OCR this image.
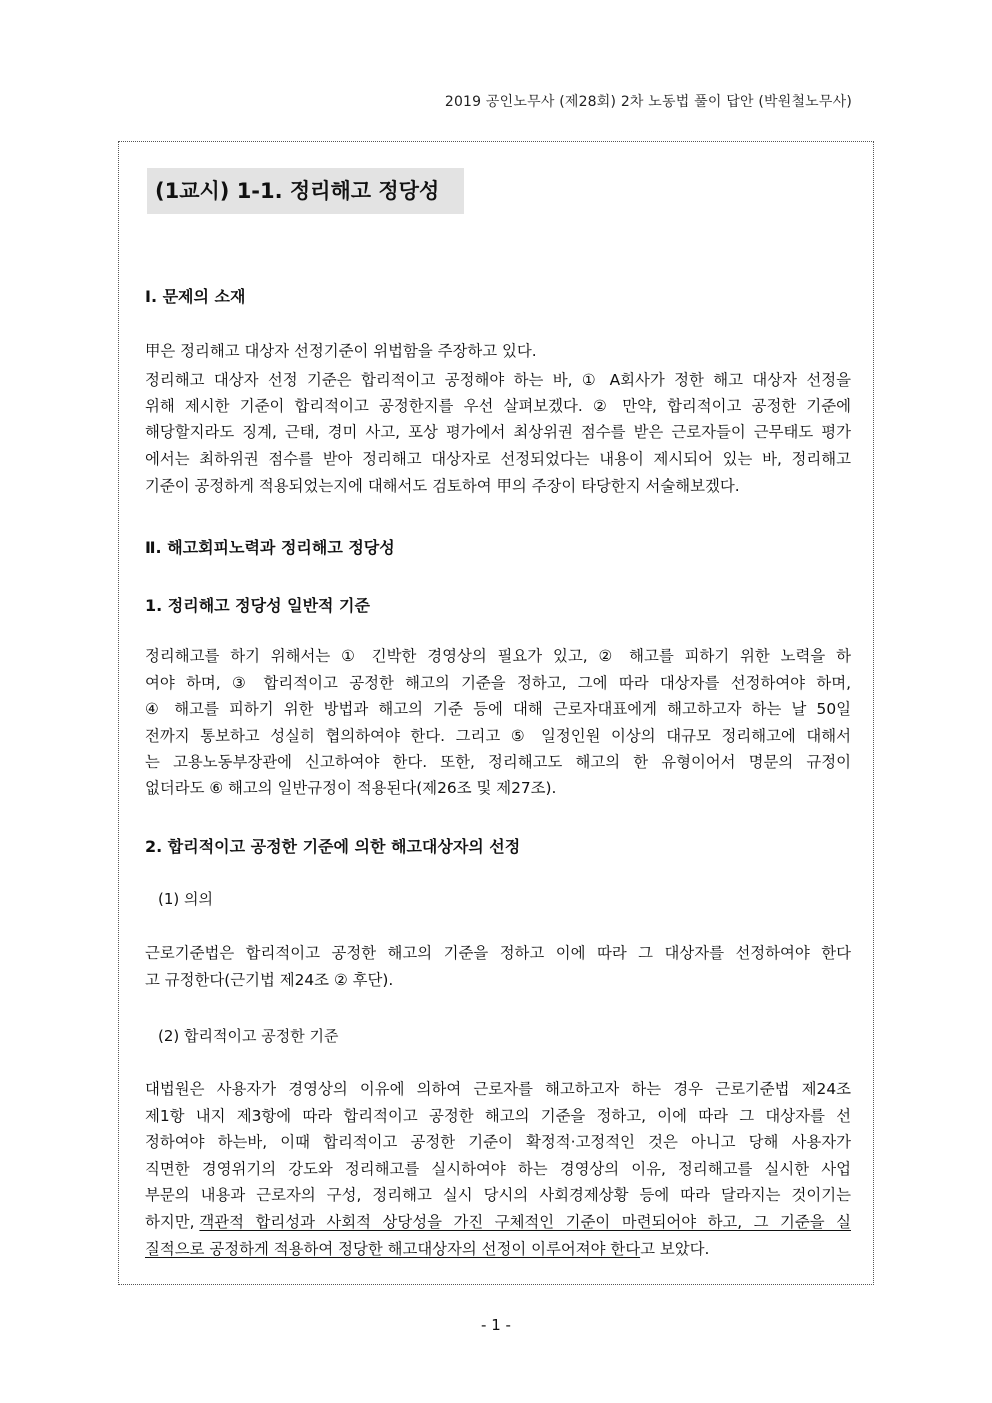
2019 공인노무사 (제28회) 2차 노동법 풀이 답안 (박원철노무사)
(1교시) 1-1. 정리해고 정당성
Ⅰ. 문제의 소재
甲은 정리해고 대상자 선정기준이 위법함을 주장하고 있다.
정리해고 대상자 선정 기준은 합리적이고 공정해야 하는 바, ① A회사가 정한 해고 대상자 선정을
위해 제시한 기준이 합리적이고 공정한지를 우선 살펴보겠다. ② 만약, 합리적이고 공정한 기준에
해당할지라도 징계, 근태, 경미 사고, 포상 평가에서 최상위권 점수를 받은 근로자들이 근무태도 평가
에서는 최하위권 점수를 받아 정리해고 대상자로 선정되었다는 내용이 제시되어 있는 바, 정리해고
기준이 공정하게 적용되었는지에 대해서도 검토하여 甲의 주장이 타당한지 서술해보겠다.
Ⅱ. 해고회피노력과 정리해고 정당성
1. 정리해고 정당성 일반적 기준
정리해고를 하기 위해서는 ① 긴박한 경영상의 필요가 있고, ② 해고를 피하기 위한 노력을 하
여야 하며, ③ 합리적이고 공정한 해고의 기준을 정하고, 그에 따라 대상자를 선정하여야 하며,
④ 해고를 피하기 위한 방법과 해고의 기준 등에 대해 근로자대표에게 해고하고자 하는 날 50일
전까지 통보하고 성실히 협의하여야 한다. 그리고 ⑤ 일정인원 이상의 대규모 정리해고에 대해서
는 고용노동부장관에 신고하여야 한다. 또한, 정리해고도 해고의 한 유형이어서 명문의 규정이
없더라도 ⑥ 해고의 일반규정이 적용된다(제26조 및 제27조).
2. 합리적이고 공정한 기준에 의한 해고대상자의 선정
(1) 의의
근로기준법은 합리적이고 공정한 해고의 기준을 정하고 이에 따라 그 대상자를 선정하여야 한다
고 규정한다(근기법 제24조 ② 후단).
(2) 합리적이고 공정한 기준
대법원은 사용자가 경영상의 이유에 의하여 근로자를 해고하고자 하는 경우 근로기준법 제24조
제1항 내지 제3항에 따라 합리적이고 공정한 해고의 기준을 정하고, 이에 따라 그 대상자를 선
정하여야 하는바, 이때 합리적이고 공정한 기준이 확정적·고정적인 것은 아니고 당해 사용자가
직면한 경영위기의 강도와 정리해고를 실시하여야 하는 경영상의 이유, 정리해고를 실시한 사업
부문의 내용과 근로자의 구성, 정리해고 실시 당시의 사회경제상황 등에 따라 달라지는 것이기는
하지만, 객관적 합리성과 사회적 상당성을 가진 구체적인 기준이 마련되어야 하고, 그 기준을 실
질적으로 공정하게 적용하여 정당한 해고대상자의 선정이 이루어져야 한다고 보았다.
- 1 -
